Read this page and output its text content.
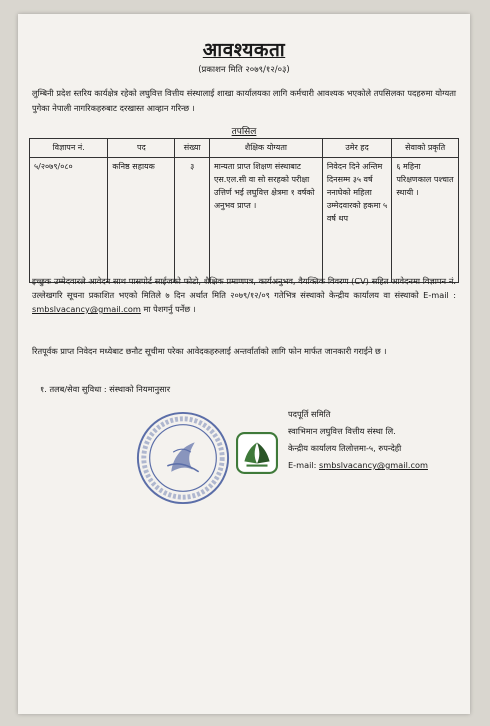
आवश्यकता
(प्रकाशन मिति २०७९/१२/०३)
लुम्बिनी प्रदेश स्तरिय कार्यक्षेत्र रहेको लघुवित्त वित्तीय संस्थालाई शाखा कार्यालयका लागि कर्मचारी आवश्यक भएकोले तपसिलका पदहरुमा योग्यता पुगेका नेपाली नागरिकहरुबाट दरखास्त आव्हान गरिन्छ ।
तपसिल
विज्ञापन नं.	पद	संख्या	शैक्षिक योग्यता	उमेर हद	सेवाको प्रकृति
५/२०७९/०८०	कनिष्ठ सहायक	३	मान्यता प्राप्त शिक्षण संस्थाबाट एस.एल.सी वा सो सरहको परीक्षा उत्तिर्ण भई लघुवित्त क्षेत्रमा १ वर्षको अनुभव प्राप्त ।	निवेदन दिने अन्तिम दिनसम्म ३५ वर्ष ननाघेको महिला उम्मेदवारको हकमा ५ वर्ष थप	६ महिना परिक्षणकाल पश्चात स्थायी ।
इच्छुक उम्मेदवारले आवेदन साथ पासपोर्ट साईजको फोटो, शैक्षिक प्रमाणपत्र, कार्यअनुभव, वैयक्तिक विवरण (CV) सहित आवेदनमा विज्ञापन नं. उल्लेखगरि सूचना प्रकाशित भएको मितिले ७ दिन अर्थात मिति २०७९/१२/०९ गतेभित्र संस्थाको केन्द्रीय कार्यालय वा संस्थाको E-mail : smbslvacancy@gmail.com मा पेशगर्नु पर्नेछ ।
रितपूर्वक प्राप्त निवेदन मध्येबाट छनौट सूचीमा परेका आवेदकहरुलाई अन्तर्वार्ताको लागि फोन मार्फत जानकारी गराईने छ ।
१. तलब/सेवा सुविधा : संस्थाको नियमानुसार
पदपूर्ति समिति
स्वाभिमान लघुवित्त वित्तीय संस्था लि.
केन्द्रीय कार्यालय तिलोत्तमा-५, रुपन्देही
E-mail: smbslvacancy@gmail.com
